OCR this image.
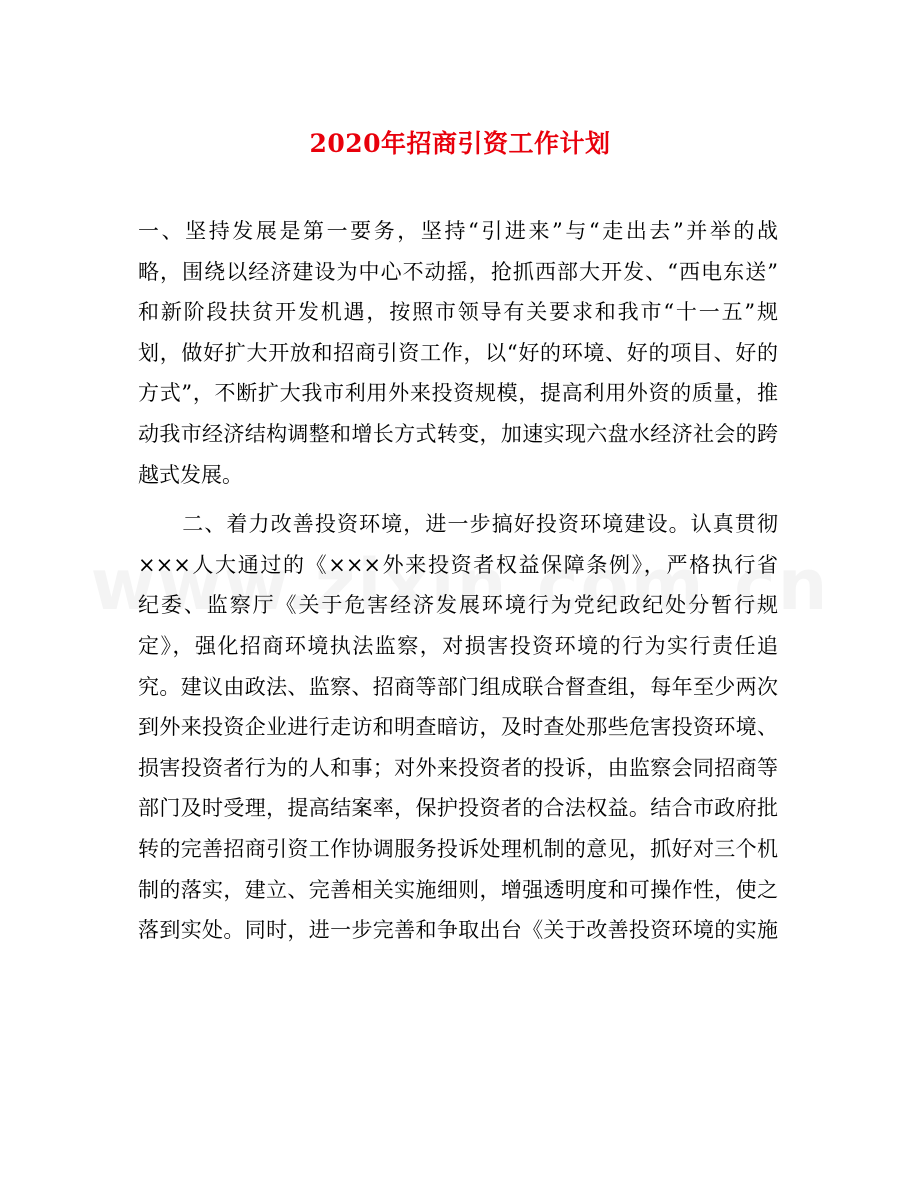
2020年招商引资工作计划
一、坚持发展是第一要务，坚持“引进来”与“走出去”并举的战
略，围绕以经济建设为中心不动摇，抢抓西部大开发、“西电东送”
和新阶段扶贫开发机遇，按照市领导有关要求和我市“十一五”规
划，做好扩大开放和招商引资工作，以“好的环境、好的项目、好的
方式”，不断扩大我市利用外来投资规模，提高利用外资的质量，推
动我市经济结构调整和增长方式转变，加速实现六盘水经济社会的跨
越式发展。
　　二、着力改善投资环境，进一步搞好投资环境建设。认真贯彻
×××人大通过的《×××外来投资者权益保障条例》，严格执行省
纪委、监察厅《关于危害经济发展环境行为党纪政纪处分暂行规
定》，强化招商环境执法监察，对损害投资环境的行为实行责任追
究。建议由政法、监察、招商等部门组成联合督查组，每年至少两次
到外来投资企业进行走访和明查暗访，及时查处那些危害投资环境、
损害投资者行为的人和事；对外来投资者的投诉，由监察会同招商等
部门及时受理，提高结案率，保护投资者的合法权益。结合市政府批
转的完善招商引资工作协调服务投诉处理机制的意见，抓好对三个机
制的落实，建立、完善相关实施细则，增强透明度和可操作性，使之
落到实处。同时，进一步完善和争取出台《关于改善投资环境的实施
